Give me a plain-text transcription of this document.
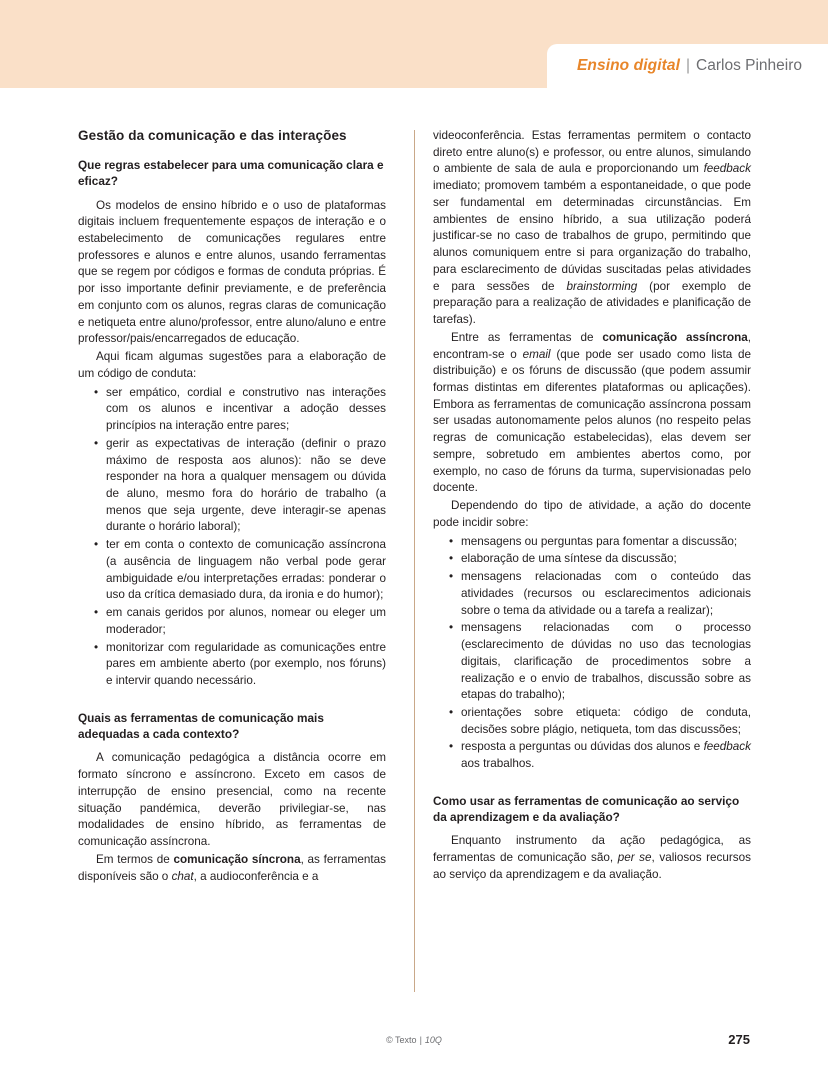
Ensino digital | Carlos Pinheiro
Gestão da comunicação e das interações
Que regras estabelecer para uma comunicação clara e eficaz?

Os modelos de ensino híbrido e o uso de plataformas digitais incluem frequentemente espaços de interação e o estabelecimento de comunicações regulares entre professores e alunos e entre alunos, usando ferramentas que se regem por códigos e formas de conduta próprias. É por isso importante definir previamente, e de preferência em conjunto com os alunos, regras claras de comunicação e netiqueta entre aluno/professor, entre aluno/aluno e entre professor/pais/encarregados de educação.

Aqui ficam algumas sugestões para a elaboração de um código de conduta:

• ser empático, cordial e construtivo nas interações com os alunos e incentivar a adoção desses princípios na interação entre pares;
• gerir as expectativas de interação (definir o prazo máximo de resposta aos alunos): não se deve responder na hora a qualquer mensagem ou dúvida de aluno, mesmo fora do horário de trabalho (a menos que seja urgente, deve interagir-se apenas durante o horário laboral);
• ter em conta o contexto de comunicação assíncrona (a ausência de linguagem não verbal pode gerar ambiguidade e/ou interpretações erradas: ponderar o uso da crítica demasiado dura, da ironia e do humor);
• em canais geridos por alunos, nomear ou eleger um moderador;
• monitorizar com regularidade as comunicações entre pares em ambiente aberto (por exemplo, nos fóruns) e intervir quando necessário.
Quais as ferramentas de comunicação mais adequadas a cada contexto?

A comunicação pedagógica a distância ocorre em formato síncrono e assíncrono. Exceto em casos de interrupção de ensino presencial, como na recente situação pandémica, deverão privilegiar-se, nas modalidades de ensino híbrido, as ferramentas de comunicação assíncrona.

Em termos de comunicação síncrona, as ferramentas disponíveis são o chat, a audioconferência e a

videoconferência. Estas ferramentas permitem o contacto direto entre aluno(s) e professor, ou entre alunos, simulando o ambiente de sala de aula e proporcionando um feedback imediato; promovem também a espontaneidade, o que pode ser fundamental em determinadas circunstâncias. Em ambientes de ensino híbrido, a sua utilização poderá justificar-se no caso de trabalhos de grupo, permitindo que alunos comuniquem entre si para organização do trabalho, para esclarecimento de dúvidas suscitadas pelas atividades e para sessões de brainstorming (por exemplo de preparação para a realização de atividades e planificação de tarefas).

Entre as ferramentas de comunicação assíncrona, encontram-se o email (que pode ser usado como lista de distribuição) e os fóruns de discussão (que podem assumir formas distintas em diferentes plataformas ou aplicações). Embora as ferramentas de comunicação assíncrona possam ser usadas autonomamente pelos alunos (no respeito pelas regras de comunicação estabelecidas), elas devem ser sempre, sobretudo em ambientes abertos como, por exemplo, no caso de fóruns da turma, supervisionadas pelo docente.

Dependendo do tipo de atividade, a ação do docente pode incidir sobre:

• mensagens ou perguntas para fomentar a discussão;
• elaboração de uma síntese da discussão;
• mensagens relacionadas com o conteúdo das atividades (recursos ou esclarecimentos adicionais sobre o tema da atividade ou a tarefa a realizar);
• mensagens relacionadas com o processo (esclarecimento de dúvidas no uso das tecnologias digitais, clarificação de procedimentos sobre a realização e o envio de trabalhos, discussão sobre as etapas do trabalho);
• orientações sobre etiqueta: código de conduta, decisões sobre plágio, netiqueta, tom das discussões;
• resposta a perguntas ou dúvidas dos alunos e feedback aos trabalhos.
Como usar as ferramentas de comunicação ao serviço da aprendizagem e da avaliação?

Enquanto instrumento da ação pedagógica, as ferramentas de comunicação são, per se, valiosos recursos ao serviço da aprendizagem e da avaliação.

© Texto | 10Q	275
